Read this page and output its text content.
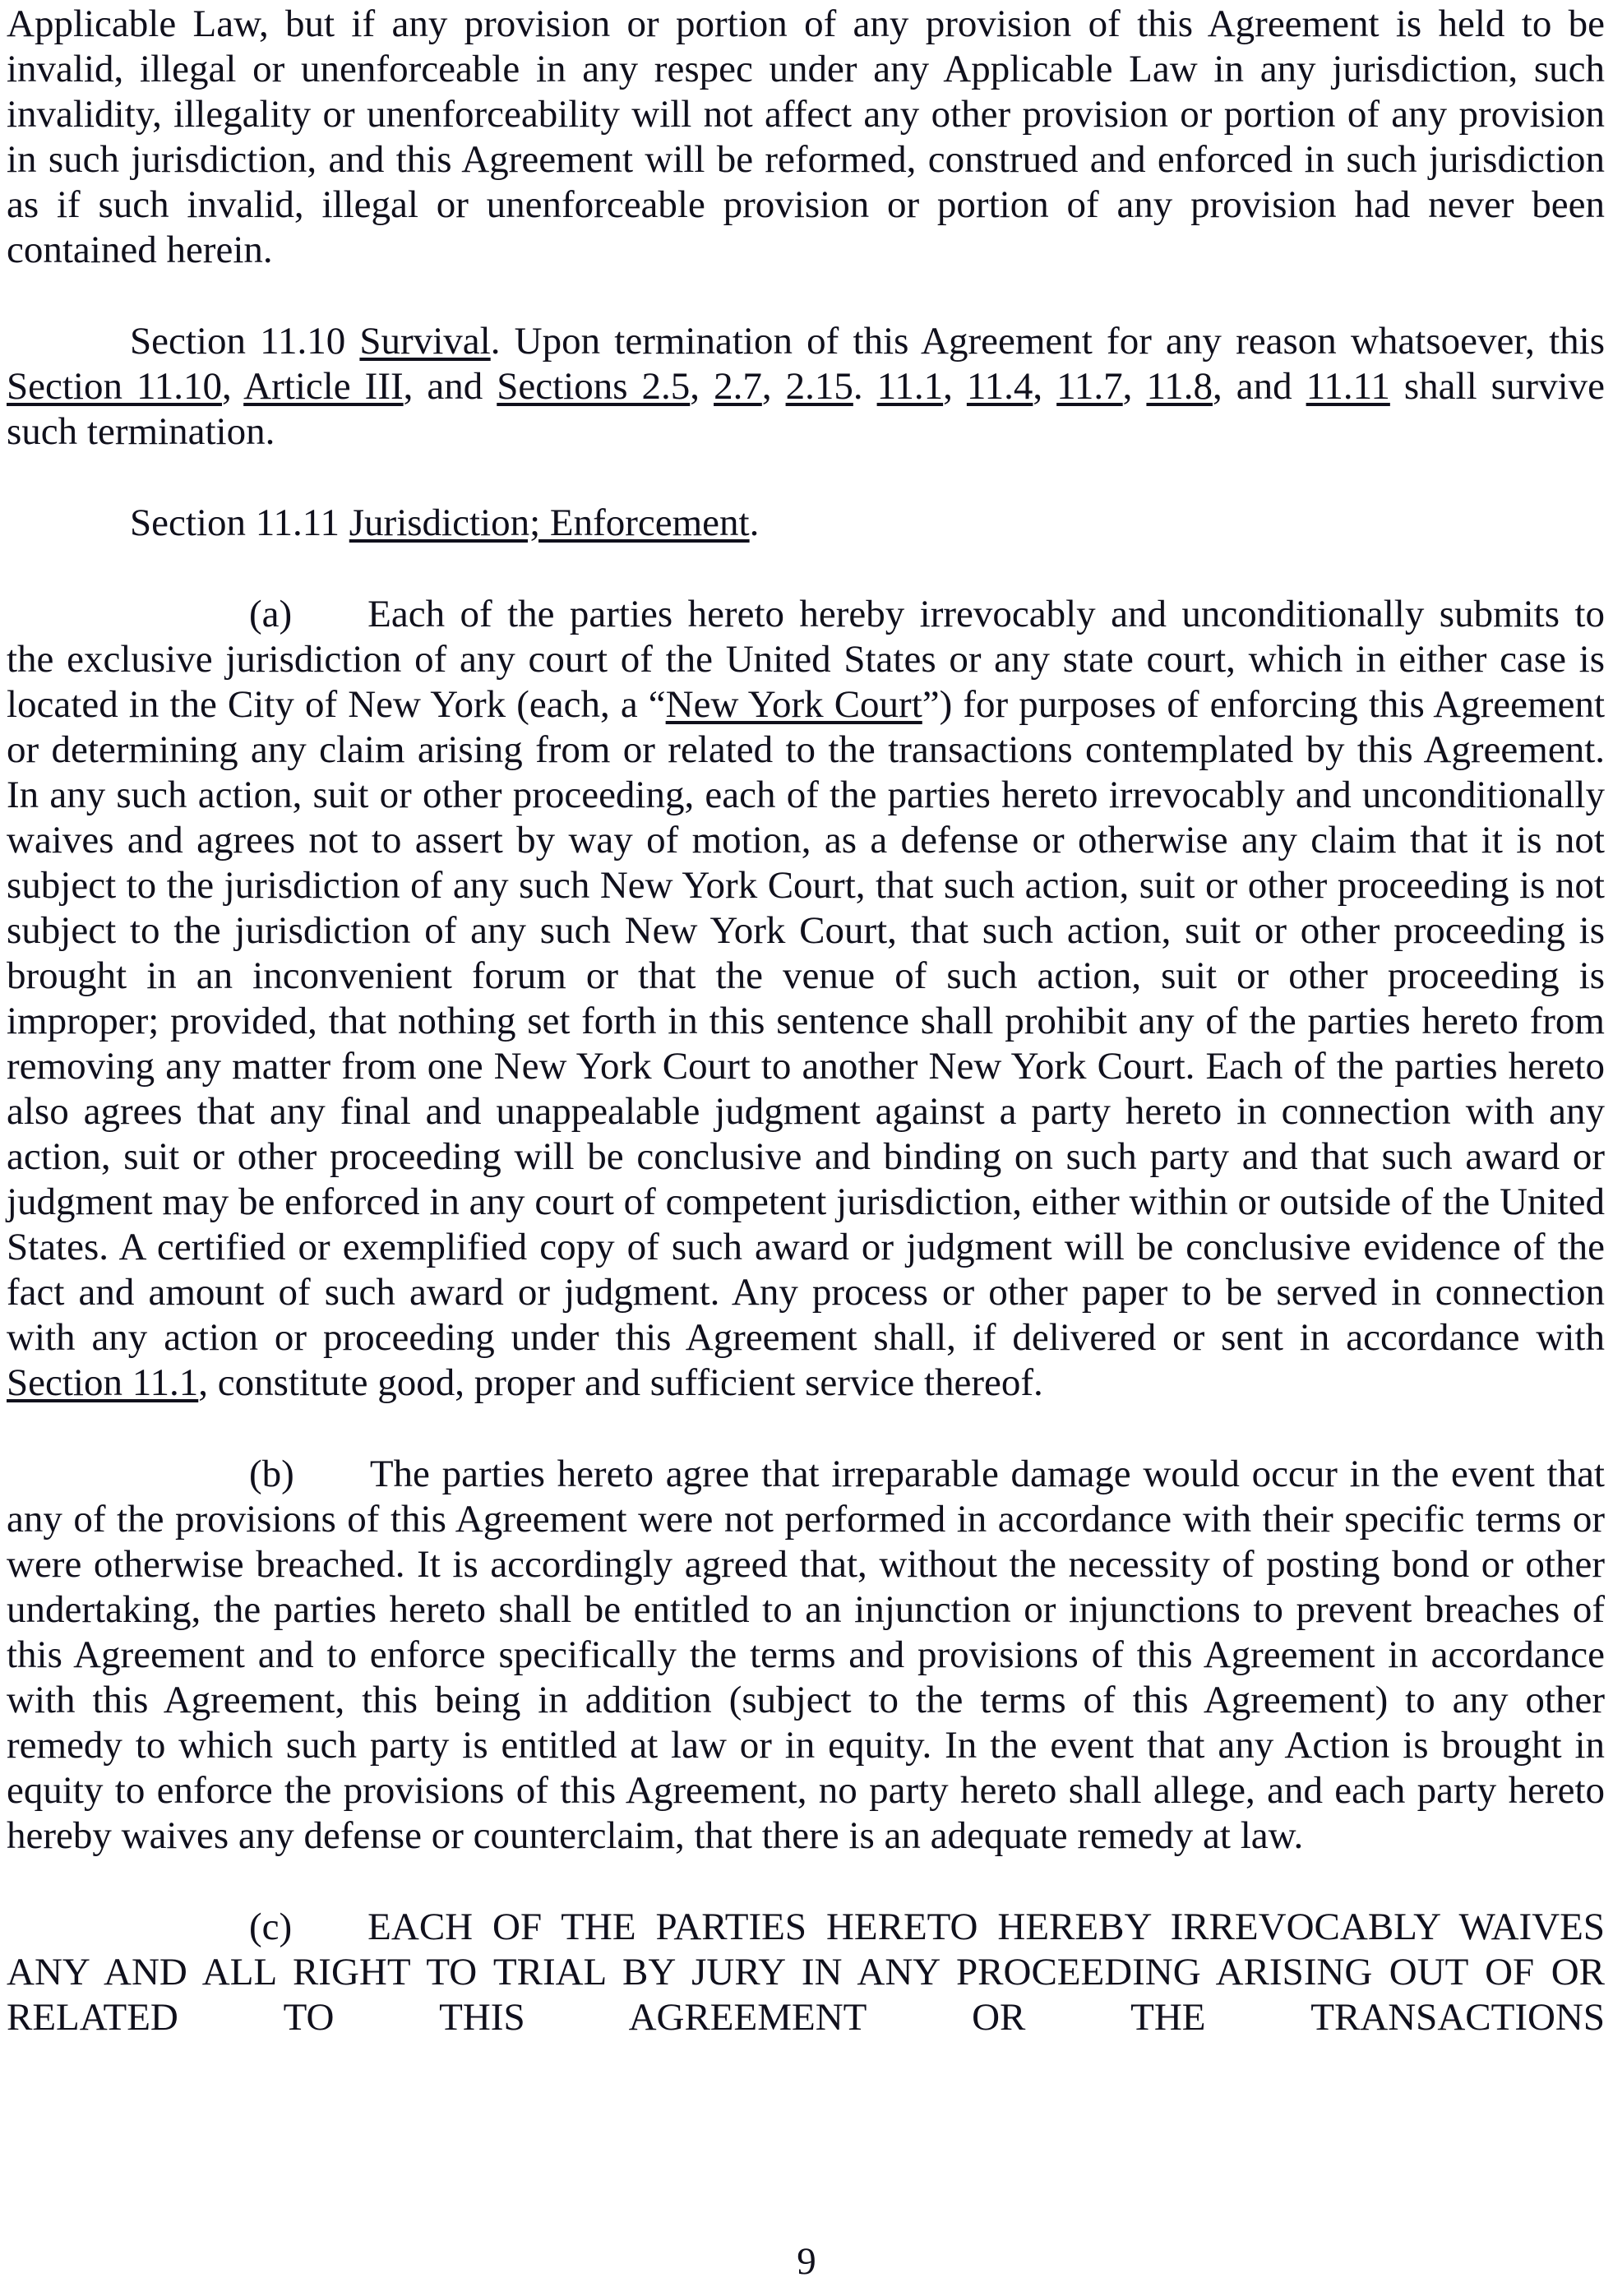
Applicable Law, but if any provision or portion of any provision of this Agreement is held to be invalid, illegal or unenforceable in any respec under any Applicable Law in any jurisdiction, such invalidity, illegality or unenforceability will not affect any other provision or portion of any provision in such jurisdiction, and this Agreement will be reformed, construed and enforced in such jurisdiction as if such invalid, illegal or unenforceable provision or portion of any provision had never been contained herein.

Section 11.10 Survival. Upon termination of this Agreement for any reason whatsoever, this Section 11.10, Article III, and Sections 2.5, 2.7, 2.15. 11.1, 11.4, 11.7, 11.8, and 11.11 shall survive such termination.

Section 11.11 Jurisdiction; Enforcement.

(a) Each of the parties hereto hereby irrevocably and unconditionally submits to the exclusive jurisdiction of any court of the United States or any state court, which in either case is located in the City of New York (each, a “New York Court”) for purposes of enforcing this Agreement or determining any claim arising from or related to the transactions contemplated by this Agreement. In any such action, suit or other proceeding, each of the parties hereto irrevocably and unconditionally waives and agrees not to assert by way of motion, as a defense or otherwise any claim that it is not subject to the jurisdiction of any such New York Court, that such action, suit or other proceeding is not subject to the jurisdiction of any such New York Court, that such action, suit or other proceeding is brought in an inconvenient forum or that the venue of such action, suit or other proceeding is improper; provided, that nothing set forth in this sentence shall prohibit any of the parties hereto from removing any matter from one New York Court to another New York Court. Each of the parties hereto also agrees that any final and unappealable judgment against a party hereto in connection with any action, suit or other proceeding will be conclusive and binding on such party and that such award or judgment may be enforced in any court of competent jurisdiction, either within or outside of the United States. A certified or exemplified copy of such award or judgment will be conclusive evidence of the fact and amount of such award or judgment. Any process or other paper to be served in connection with any action or proceeding under this Agreement shall, if delivered or sent in accordance with Section 11.1, constitute good, proper and sufficient service thereof.

(b) The parties hereto agree that irreparable damage would occur in the event that any of the provisions of this Agreement were not performed in accordance with their specific terms or were otherwise breached. It is accordingly agreed that, without the necessity of posting bond or other undertaking, the parties hereto shall be entitled to an injunction or injunctions to prevent breaches of this Agreement and to enforce specifically the terms and provisions of this Agreement in accordance with this Agreement, this being in addition (subject to the terms of this Agreement) to any other remedy to which such party is entitled at law or in equity. In the event that any Action is brought in equity to enforce the provisions of this Agreement, no party hereto shall allege, and each party hereto hereby waives any defense or counterclaim, that there is an adequate remedy at law.

(c) EACH OF THE PARTIES HERETO HEREBY IRREVOCABLY WAIVES ANY AND ALL RIGHT TO TRIAL BY JURY IN ANY PROCEEDING ARISING OUT OF OR RELATED TO THIS AGREEMENT OR THE TRANSACTIONS

9
